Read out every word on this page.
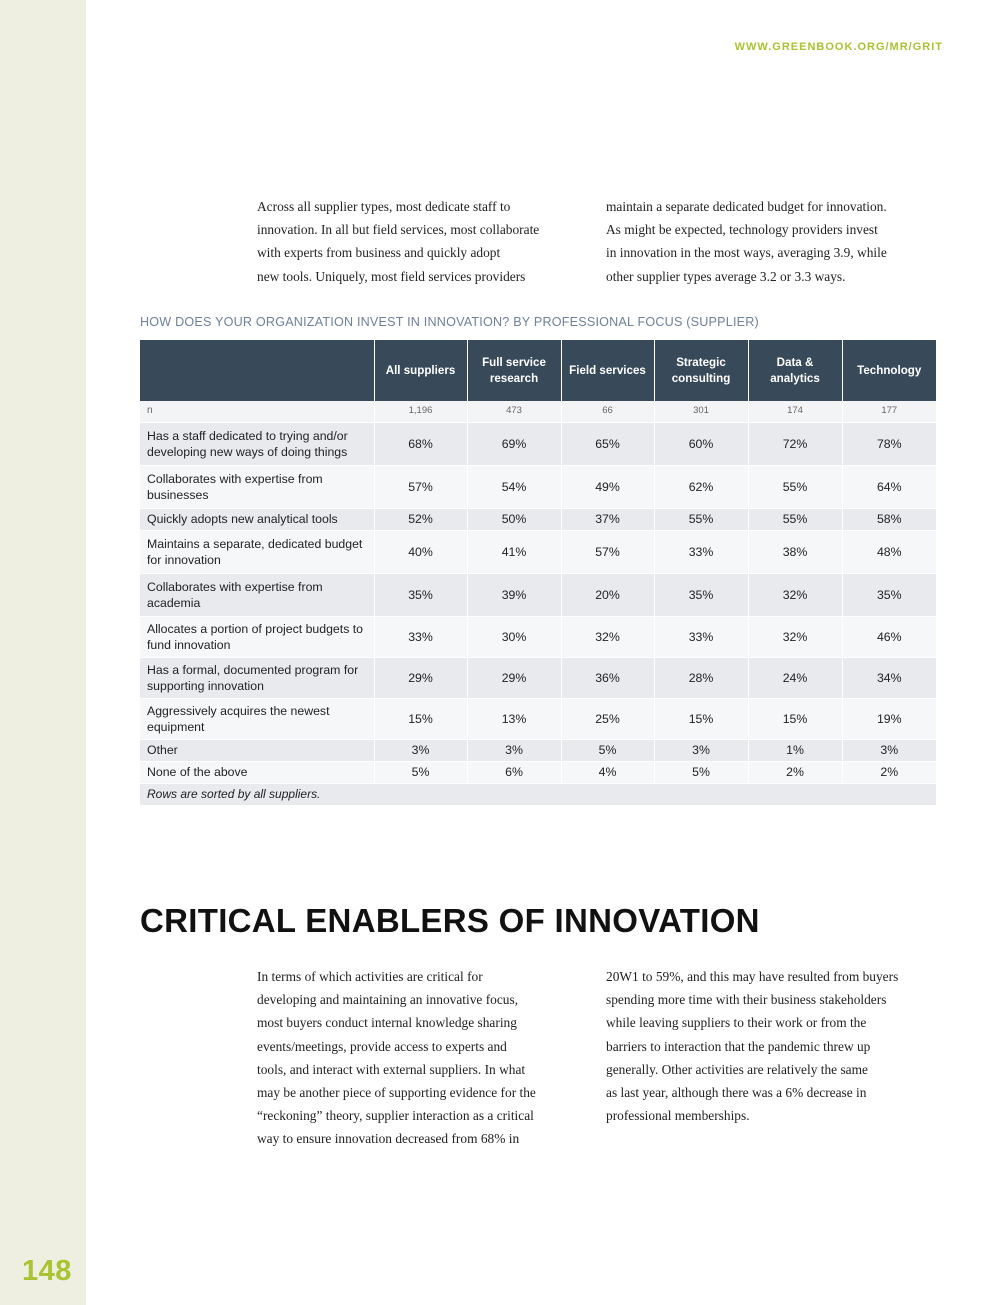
148
WWW.GREENBOOK.ORG/MR/GRIT

Across all supplier types, most dedicate staff to

innovation. In all but field services, most collaborate

with experts from business and quickly adopt

new tools. Uniquely, most field services providers

maintain a separate dedicated budget for innovation.

As might be expected, technology providers invest

in innovation in the most ways, averaging 3.9, while

other supplier types average 3.2 or 3.3 ways.

HOW DOES YOUR ORGANIZATION INVEST IN INNOVATION? BY PROFESSIONAL FOCUS (SUPPLIER)
	All suppliers	Full service research	Field services	Strategic consulting	Data & analytics	Technology
n	1,196	473	66	301	174	177
Has a staff dedicated to trying and/or developing new ways of doing things	68%	69%	65%	60%	72%	78%
Collaborates with expertise from businesses	57%	54%	49%	62%	55%	64%
Quickly adopts new analytical tools	52%	50%	37%	55%	55%	58%
Maintains a separate, dedicated budget for innovation	40%	41%	57%	33%	38%	48%
Collaborates with expertise from academia	35%	39%	20%	35%	32%	35%
Allocates a portion of project budgets to fund innovation	33%	30%	32%	33%	32%	46%
Has a formal, documented program for supporting innovation	29%	29%	36%	28%	24%	34%
Aggressively acquires the newest equipment	15%	13%	25%	15%	15%	19%
Other	3%	3%	5%	3%	1%	3%
None of the above	5%	6%	4%	5%	2%	2%
Rows are sorted by all suppliers.						
CRITICAL ENABLERS OF INNOVATION

In terms of which activities are critical for

developing and maintaining an innovative focus,

most buyers conduct internal knowledge sharing

events/meetings, provide access to experts and

tools, and interact with external suppliers. In what

may be another piece of supporting evidence for the

“reckoning” theory, supplier interaction as a critical

way to ensure innovation decreased from 68% in

20W1 to 59%, and this may have resulted from buyers

spending more time with their business stakeholders

while leaving suppliers to their work or from the

barriers to interaction that the pandemic threw up

generally. Other activities are relatively the same

as last year, although there was a 6% decrease in

professional memberships.
